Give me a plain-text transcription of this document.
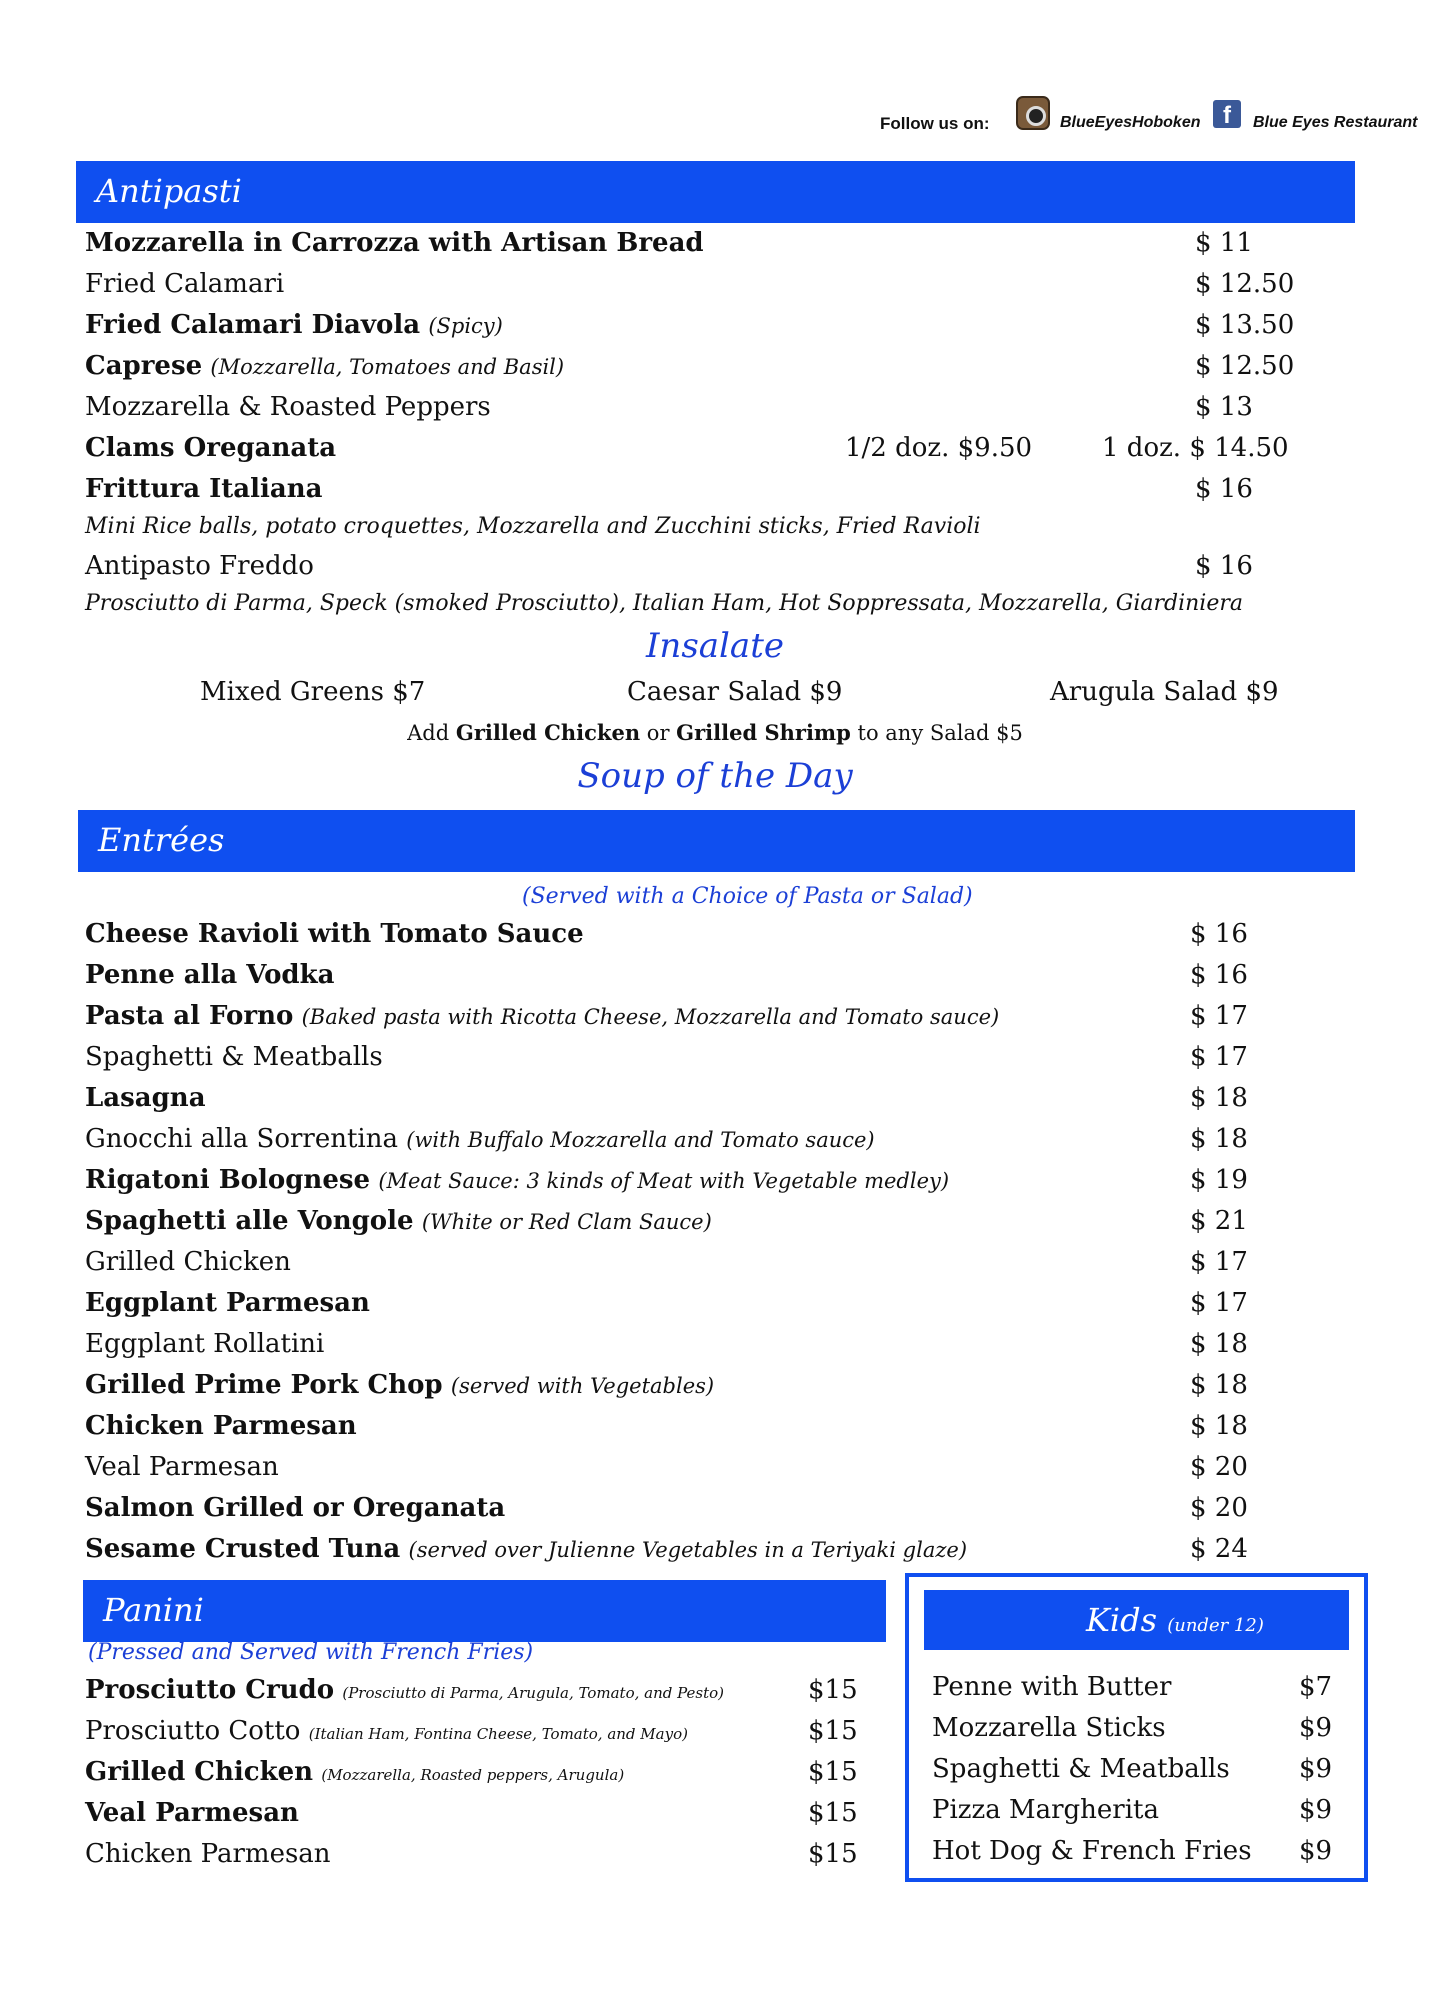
Follow us on:	BlueEyesHoboken f	Blue Eyes Restaurant
Antipasti
Mozzarella in Carrozza with Artisan Bread	$ 11
Fried Calamari	$ 12.50
Fried Calamari Diavola (Spicy)	$ 13.50
Caprese (Mozzarella, Tomatoes and Basil)	$ 12.50
Mozzarella & Roasted Peppers	$ 13
Clams Oreganata	1/2 doz. $9.50	1 doz. $ 14.50
Frittura Italiana	$ 16
Mini Rice balls, potato croquettes, Mozzarella and Zucchini sticks, Fried Ravioli
Antipasto Freddo	$ 16
Prosciutto di Parma, Speck (smoked Prosciutto), Italian Ham, Hot Soppressata, Mozzarella, Giardiniera
Insalate
Mixed Greens $7	Caesar Salad $9	Arugula Salad $9
Add Grilled Chicken or Grilled Shrimp to any Salad $5
Soup of the Day
Entrées
(Served with a Choice of Pasta or Salad)
Cheese Ravioli with Tomato Sauce	$ 16
Penne alla Vodka	$ 16
Pasta al Forno (Baked pasta with Ricotta Cheese, Mozzarella and Tomato sauce)	$ 17
Spaghetti & Meatballs	$ 17
Lasagna	$ 18
Gnocchi alla Sorrentina (with Buffalo Mozzarella and Tomato sauce)	$ 18
Rigatoni Bolognese (Meat Sauce: 3 kinds of Meat with Vegetable medley)	$ 19
Spaghetti alle Vongole (White or Red Clam Sauce)	$ 21
Grilled Chicken	$ 17
Eggplant Parmesan	$ 17
Eggplant Rollatini	$ 18
Grilled Prime Pork Chop (served with Vegetables)	$ 18
Chicken Parmesan	$ 18
Veal Parmesan	$ 20
Salmon Grilled or Oreganata	$ 20
Sesame Crusted Tuna (served over Julienne Vegetables in a Teriyaki glaze)	$ 24
Panini
(Pressed and Served with French Fries)
Prosciutto Crudo (Prosciutto di Parma, Arugula, Tomato, and Pesto)	$15
Prosciutto Cotto (Italian Ham, Fontina Cheese, Tomato, and Mayo)	$15
Grilled Chicken (Mozzarella, Roasted peppers, Arugula)	$15
Veal Parmesan	$15
Chicken Parmesan	$15
Kids (under 12)
Penne with Butter	$7
Mozzarella Sticks	$9
Spaghetti & Meatballs	$9
Pizza Margherita	$9
Hot Dog & French Fries $9
